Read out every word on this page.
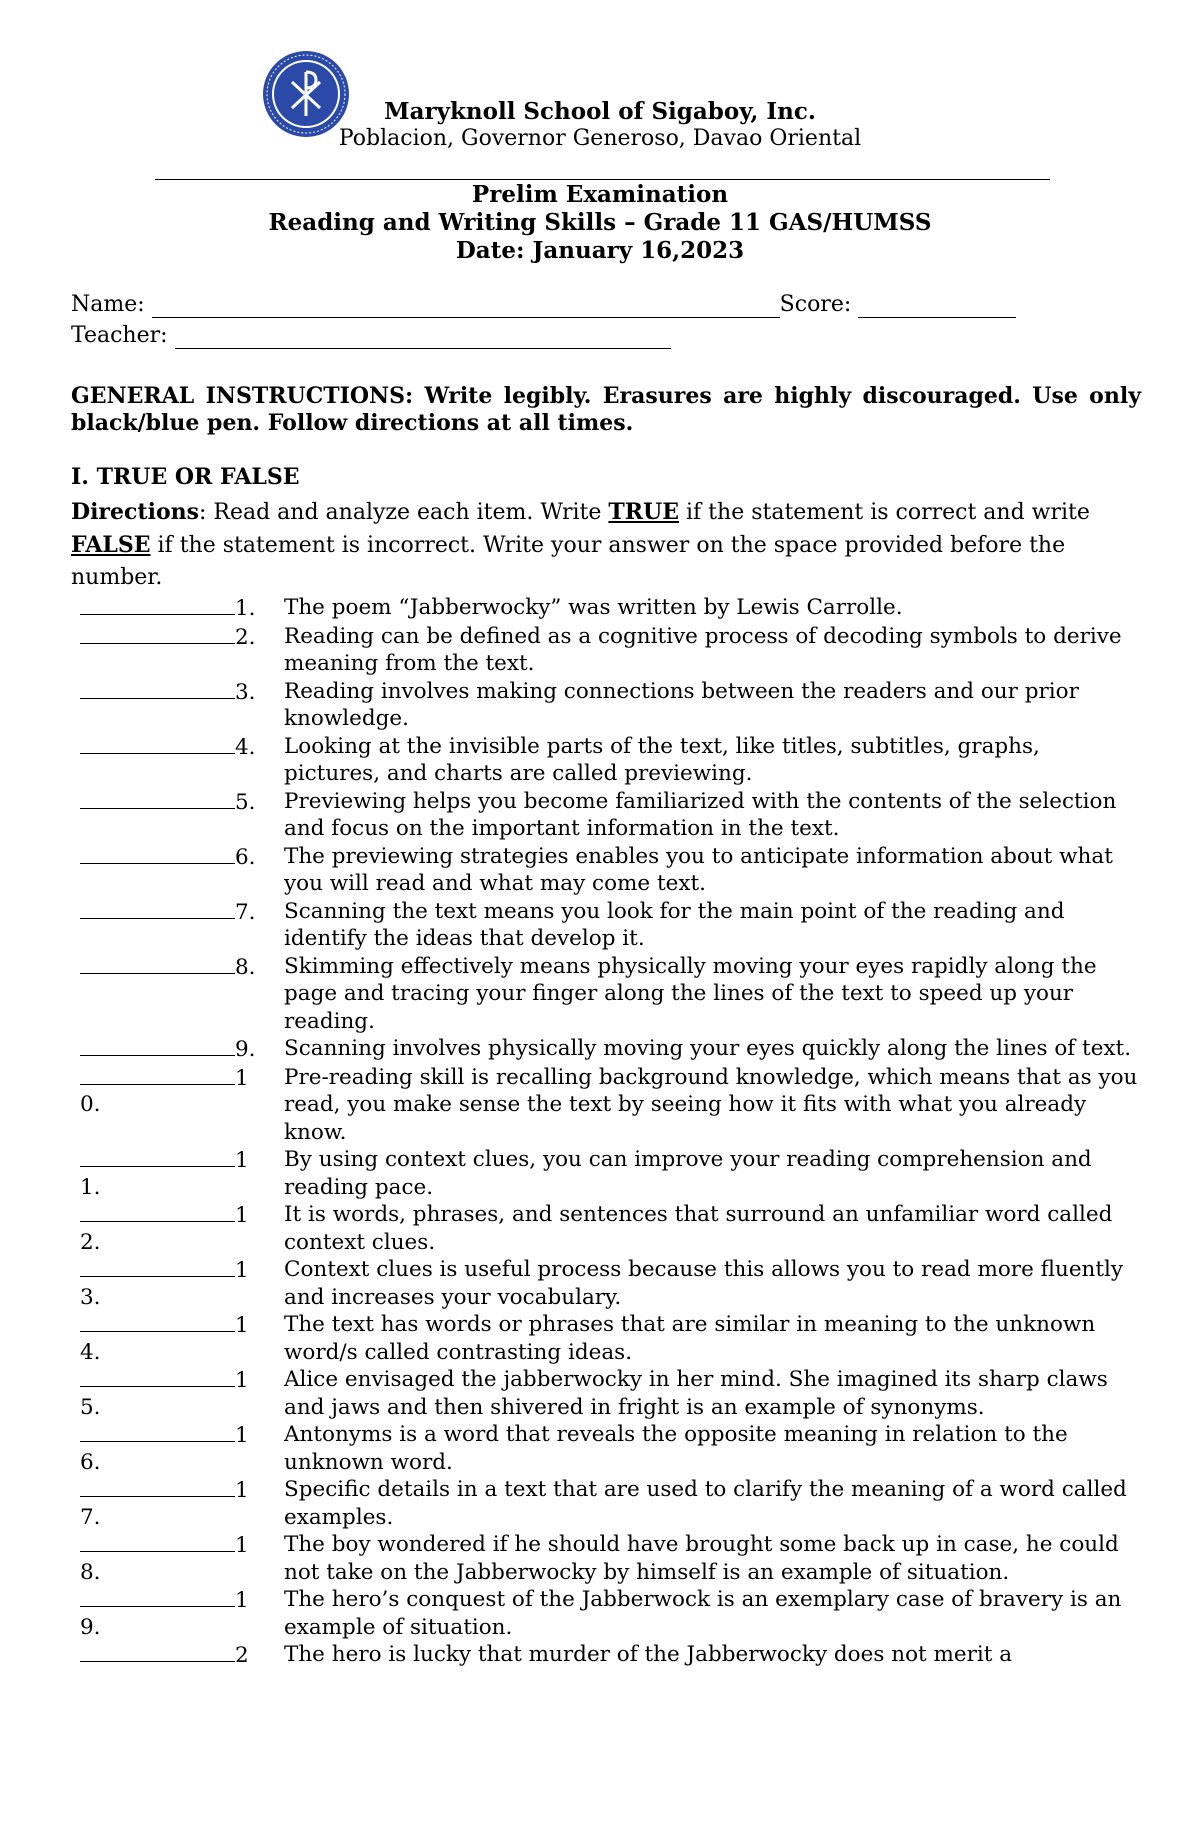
Maryknoll School of Sigaboy, Inc.
Poblacion, Governor Generoso, Davao Oriental
Prelim Examination
Reading and Writing Skills – Grade 11 GAS/HUMSS
Date: January 16,2023
Name:	Score:
Teacher:
GENERAL INSTRUCTIONS: Write legibly. Erasures are highly discouraged. Use only black/blue pen. Follow directions at all times.
I. TRUE OR FALSE
Directions: Read and analyze each item. Write TRUE if the statement is correct and write FALSE if the statement is incorrect. Write your answer on the space provided before the number.
1.	The poem “Jabberwocky” was written by Lewis Carrolle.
2.	Reading can be defined as a cognitive process of decoding symbols to derive meaning from the text.
3.	Reading involves making connections between the readers and our prior knowledge.
4.	Looking at the invisible parts of the text, like titles, subtitles, graphs, pictures, and charts are called previewing.
5.	Previewing helps you become familiarized with the contents of the selection and focus on the important information in the text.
6.	The previewing strategies enables you to anticipate information about what you will read and what may come text.
7.	Scanning the text means you look for the main point of the reading and identify the ideas that develop it.
8.	Skimming effectively means physically moving your eyes rapidly along the page and tracing your finger along the lines of the text to speed up your reading.
9.	Scanning involves physically moving your eyes quickly along the lines of text.
1
0.
Pre-reading skill is recalling background knowledge, which means that as you read, you make sense the text by seeing how it fits with what you already know.
1
1.
By using context clues, you can improve your reading comprehension and reading pace.
1
2.
It is words, phrases, and sentences that surround an unfamiliar word called context clues.
1
3.
Context clues is useful process because this allows you to read more fluently and increases your vocabulary.
1
4.
The text has words or phrases that are similar in meaning to the unknown word/s called contrasting ideas.
1
5.
Alice envisaged the jabberwocky in her mind. She imagined its sharp claws and jaws and then shivered in fright is an example of synonyms.
1
6.
Antonyms is a word that reveals the opposite meaning in relation to the unknown word.
1
7.
Specific details in a text that are used to clarify the meaning of a word called examples.
1
8.
The boy wondered if he should have brought some back up in case, he could not take on the Jabberwocky by himself is an example of situation.
1
9.
The hero’s conquest of the Jabberwock is an exemplary case of bravery is an example of situation.
2	The hero is lucky that murder of the Jabberwocky does not merit a
